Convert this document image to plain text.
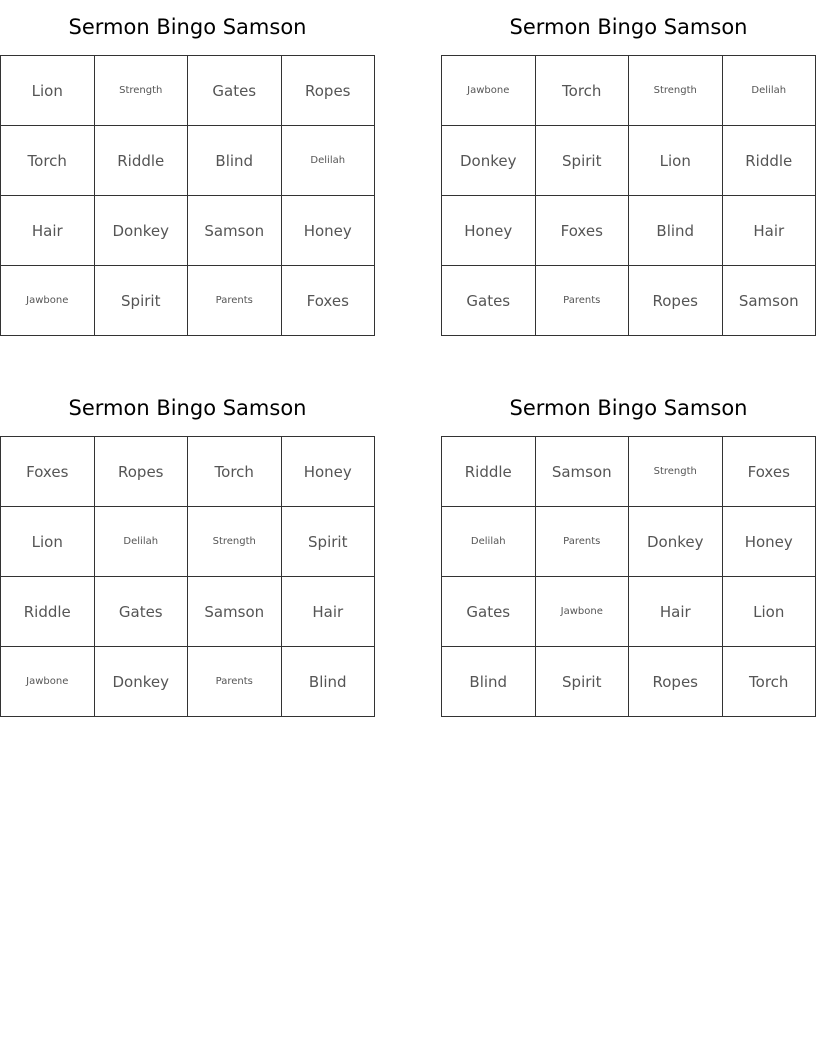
Sermon Bingo Samson
Lion	Strength	Gates	Ropes
Torch	Riddle	Blind	Delilah
Hair	Donkey	Samson	Honey
Jawbone	Spirit	Parents	Foxes
Sermon Bingo Samson
Jawbone	Torch	Strength	Delilah
Donkey	Spirit	Lion	Riddle
Honey	Foxes	Blind	Hair
Gates	Parents	Ropes	Samson
Sermon Bingo Samson
Foxes	Ropes	Torch	Honey
Lion	Delilah	Strength	Spirit
Riddle	Gates	Samson	Hair
Jawbone	Donkey	Parents	Blind
Sermon Bingo Samson
Riddle	Samson	Strength	Foxes
Delilah	Parents	Donkey	Honey
Gates	Jawbone	Hair	Lion
Blind	Spirit	Ropes	Torch
